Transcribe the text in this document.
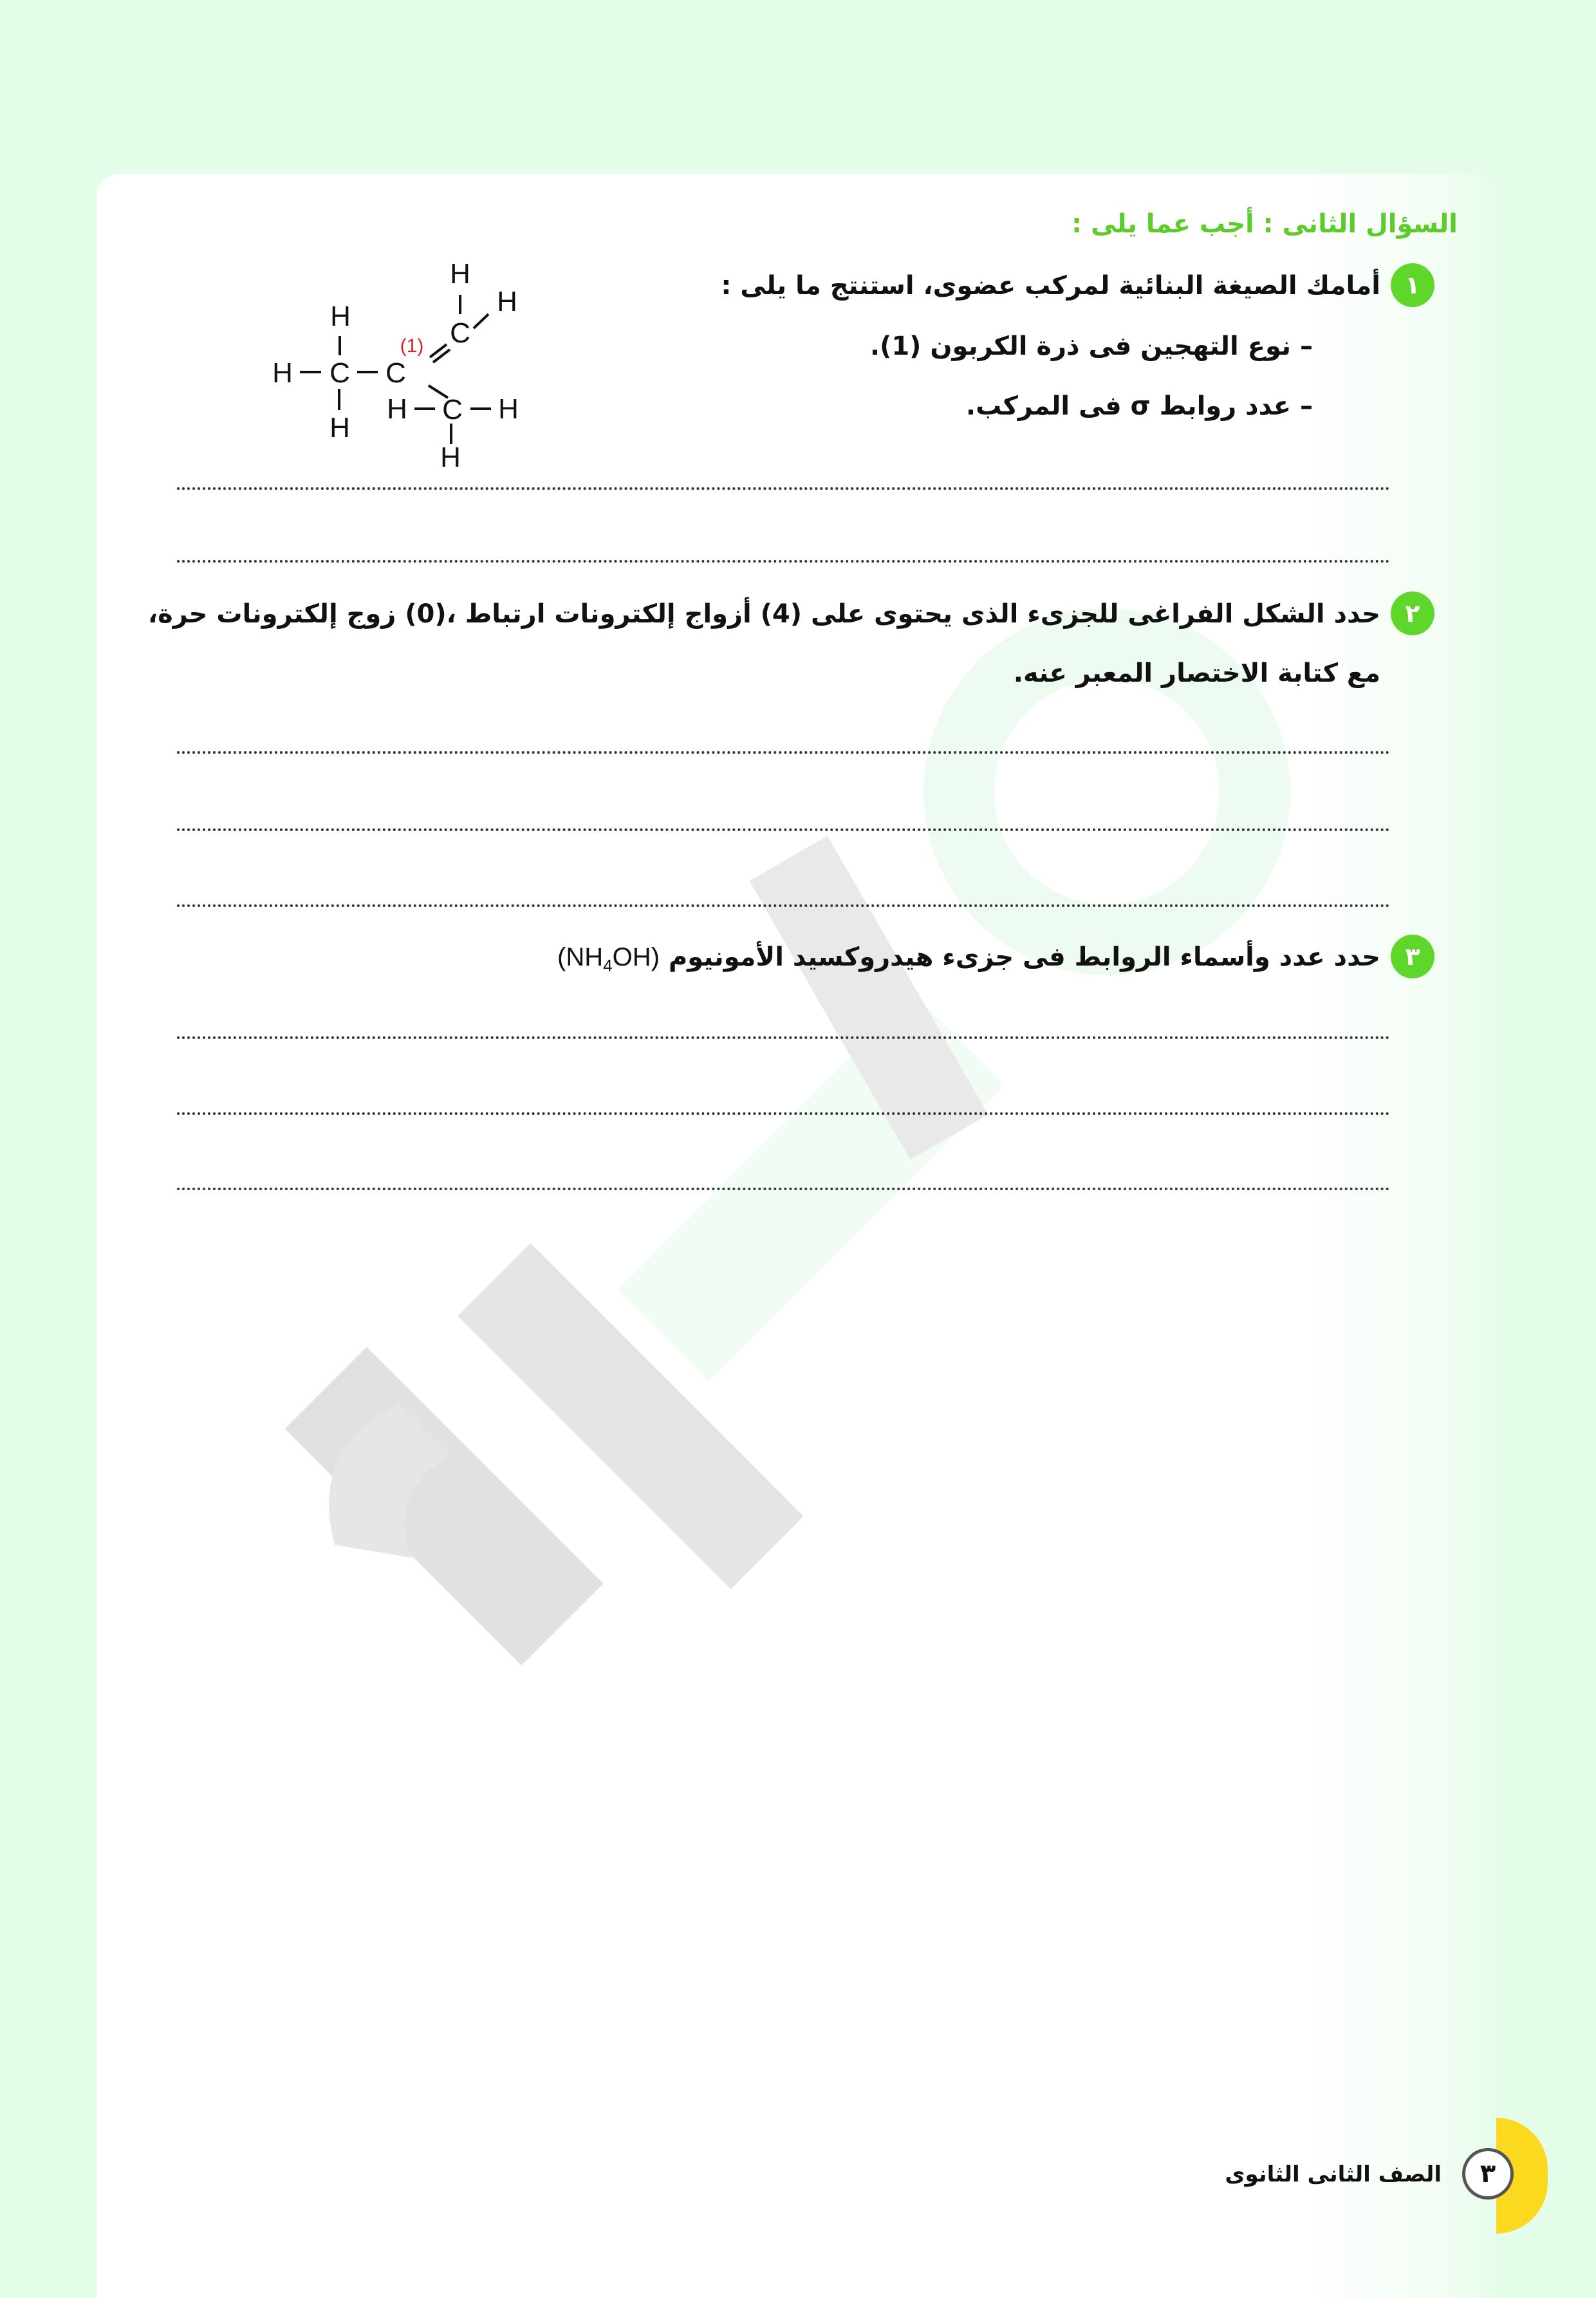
السؤال الثانى : أجب عما يلى :
١
أمامك الصيغة البنائية لمركب عضوى، استنتج ما يلى :
– نوع التهجين فى ذرة الكربون (1).
– عدد روابط σ فى المركب.
H C
H
H
C
C
H
H
C
H	H
H
(1)
٢
حدد الشكل الفراغى للجزىء الذى يحتوى على (4) أزواج إلكترونات ارتباط ،(0) زوج إلكترونات حرة، مع كتابة الاختصار المعبر عنه.
٣
حدد عدد وأسماء الروابط فى جزىء هيدروكسيد الأمونيوم $(NH_4OH)$
٣
الصف الثانى الثانوى
